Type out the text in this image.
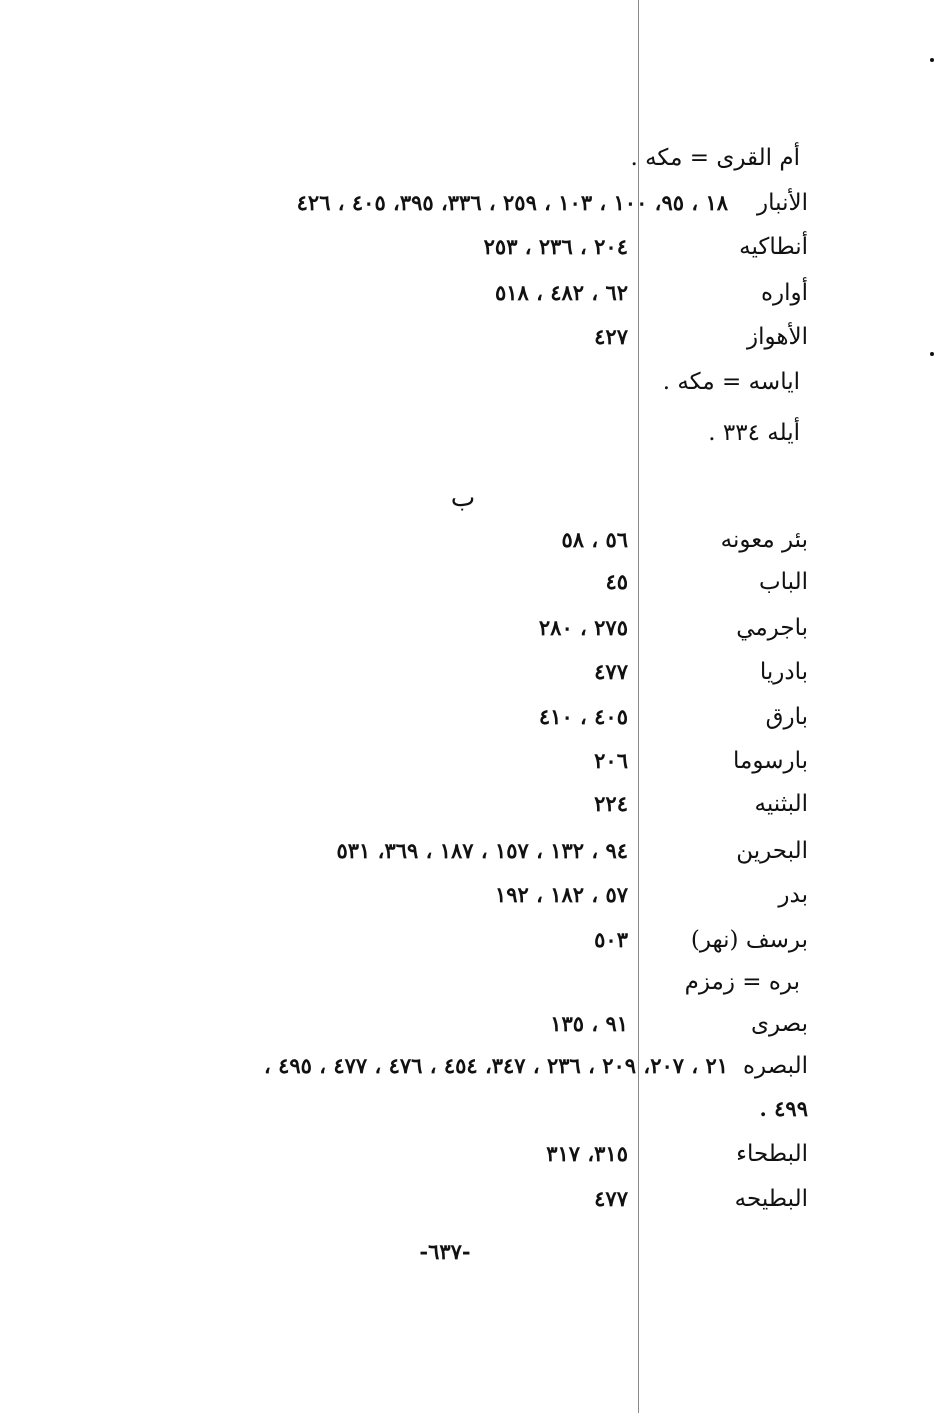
أم القرى = مكه .
الأنبار
١٨ ، ٩٥، ١٠٠ ، ١٠٣ ، ٢٥٩ ، ٣٣٦، ٣٩٥، ٤٠٥ ، ٤٢٦
أنطاكيه
٢٠٤ ، ٢٣٦ ، ٢٥٣
أواره
٦٢ ، ٤٨٢ ، ٥١٨
الأهواز
٤٢٧
اياسه = مكه .
أيله ٣٣٤ .
ب
بئر معونه
٥٦ ، ٥٨
الباب
٤٥
باجرمي
٢٧٥ ، ٢٨٠
بادريا
٤٧٧
بارق
٤٠٥ ، ٤١٠
بارسوما
٢٠٦
البثنيه
٢٢٤
البحرين
٩٤ ، ١٣٢ ، ١٥٧ ، ١٨٧ ، ٣٦٩، ٥٣١
بدر
٥٧ ، ١٨٢ ، ١٩٢
برسف (نهر)
٥٠٣
بره = زمزم
بصرى
٩١ ، ١٣٥
البصره
٢١ ، ٢٠٧، ٢٠٩ ، ٢٣٦ ، ٣٤٧، ٤٥٤ ، ٤٧٦ ، ٤٧٧ ، ٤٩٥ ،
٤٩٩ .
البطحاء
٣١٥، ٣١٧
البطيحه
٤٧٧
-٦٣٧-
